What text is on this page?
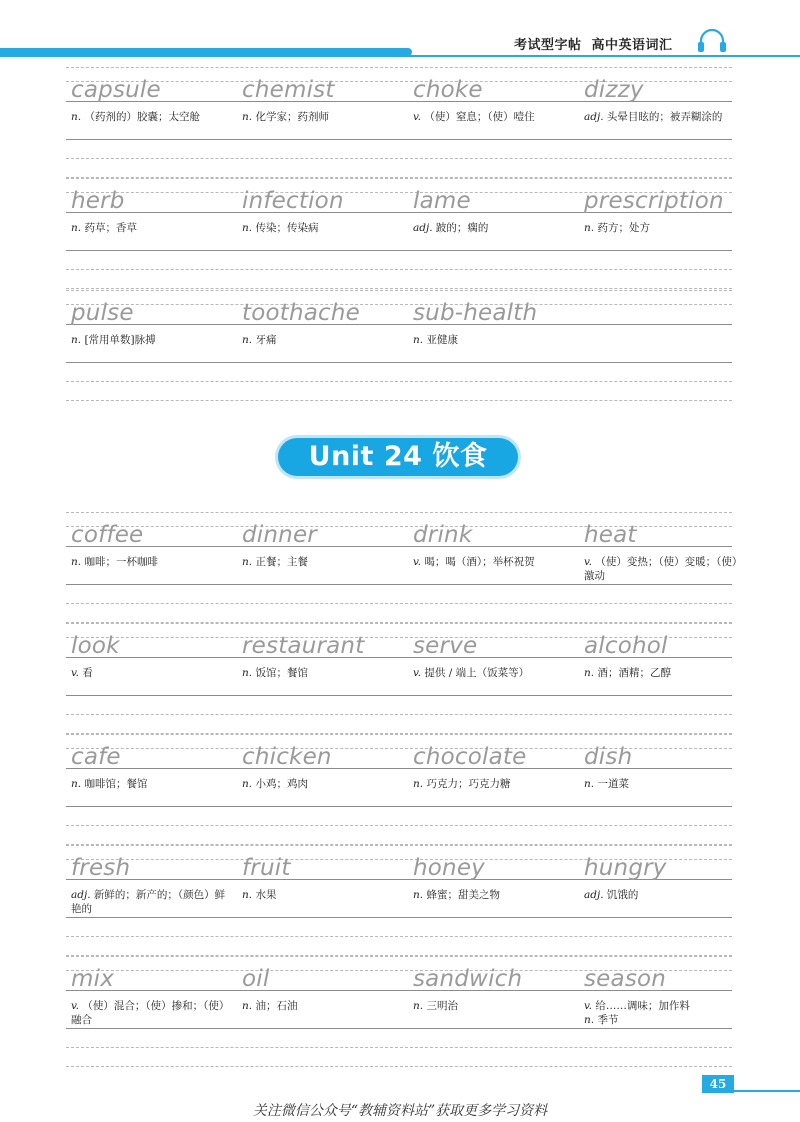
考试型字帖 高中英语词汇
capsule
n. （药剂的）胶囊；太空舱
chemist
n. 化学家；药剂师
choke
v. （使）窒息；（使）噎住
dizzy
adj. 头晕目眩的；被弄糊涂的
herb
n. 药草；香草
infection
n. 传染；传染病
lame
adj. 跛的；瘸的
prescription
n. 药方；处方
pulse
n. [常用单数]脉搏
toothache
n. 牙痛
sub-health
n. 亚健康
coffee
n. 咖啡；一杯咖啡
dinner
n. 正餐；主餐
drink
v. 喝；喝（酒）；举杯祝贺
heat
v. （使）变热；（使）变暖；（使）激动
look
v. 看
restaurant
n. 饭馆；餐馆
serve
v. 提供 / 端上（饭菜等）
alcohol
n. 酒；酒精；乙醇
cafe
n. 咖啡馆；餐馆
chicken
n. 小鸡；鸡肉
chocolate
n. 巧克力；巧克力糖
dish
n. 一道菜
fresh
adj. 新鲜的；新产的；（颜色）鲜艳的
fruit
n. 水果
honey
n. 蜂蜜；甜美之物
hungry
adj. 饥饿的
mix
v. （使）混合；（使）掺和；（使）融合
oil
n. 油；石油
sandwich
n. 三明治
season
v. 给……调味；加作料
n. 季节
Unit 24 饮食
45
关注微信公众号“教辅资料站”获取更多学习资料
